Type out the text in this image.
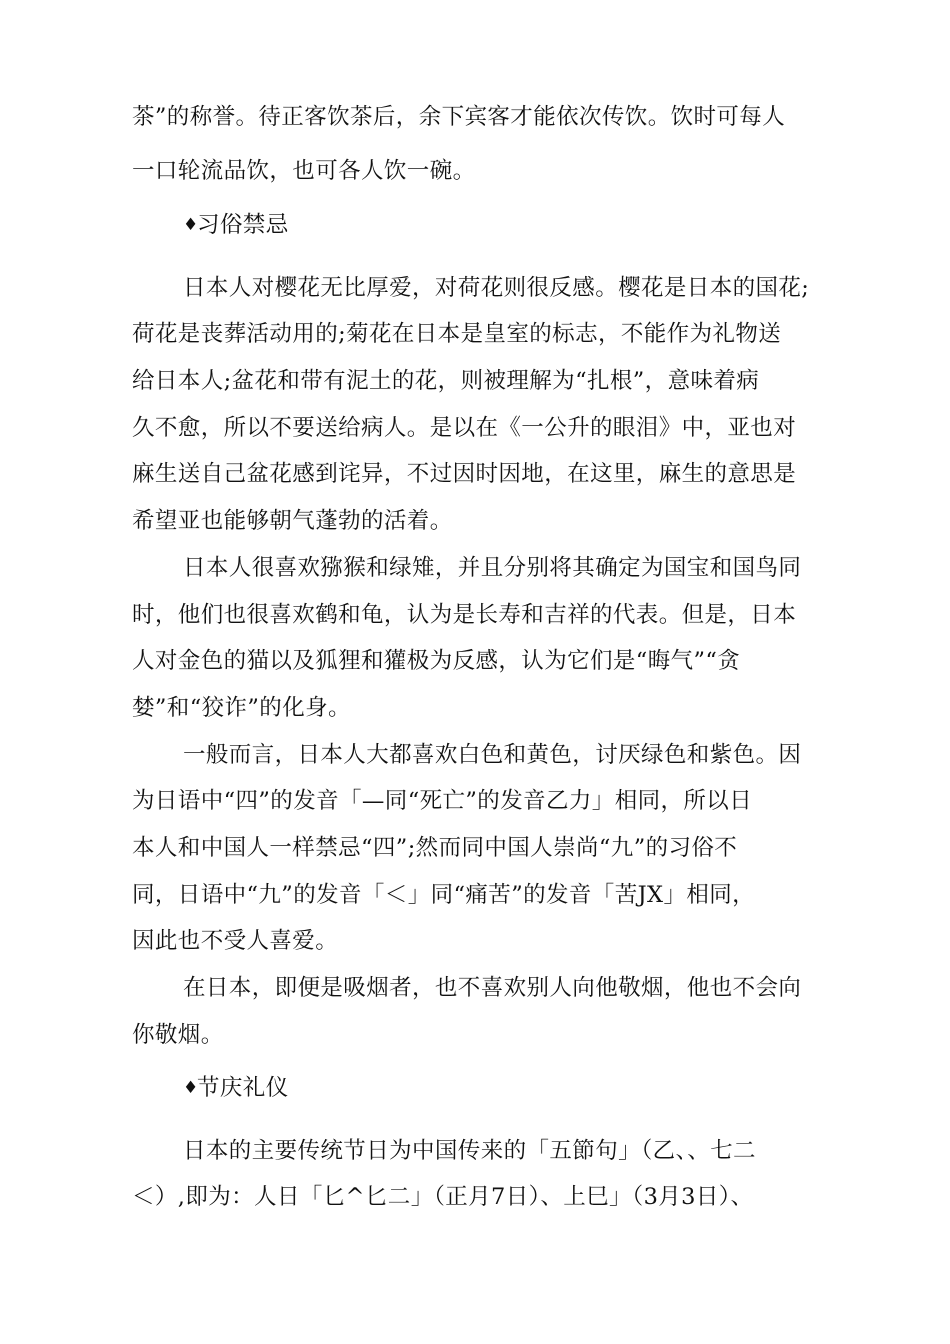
茶”的称誉。待正客饮茶后，余下宾客才能依次传饮。饮时可每人
一口轮流品饮，也可各人饮一碗。
♦习俗禁忌
日本人对樱花无比厚爱，对荷花则很反感。樱花是日本的国花;
荷花是丧葬活动用的;菊花在日本是皇室的标志，不能作为礼物送
给日本人;盆花和带有泥土的花，则被理解为“扎根”，意味着病
久不愈，所以不要送给病人。是以在《一公升的眼泪》中，亚也对
麻生送自己盆花感到诧异，不过因时因地，在这里，麻生的意思是
希望亚也能够朝气蓬勃的活着。
日本人很喜欢猕猴和绿雉，并且分别将其确定为国宝和国鸟同
时，他们也很喜欢鹤和龟，认为是长寿和吉祥的代表。但是，日本
人对金色的猫以及狐狸和獾极为反感，认为它们是“晦气”“贪
婪”和“狡诈”的化身。
一般而言，日本人大都喜欢白色和黄色，讨厌绿色和紫色。因
为日语中“四”的发音「—同“死亡”的发音乙力」相同，所以日
本人和中国人一样禁忌“四”;然而同中国人崇尚“九”的习俗不
同，日语中“九”的发音「＜」同“痛苦”的发音「苦JX」相同，
因此也不受人喜爱。
在日本，即便是吸烟者，也不喜欢别人向他敬烟，他也不会向
你敬烟。
♦节庆礼仪
日本的主要传统节日为中国传来的「五節句」（乙、、七二
＜）,即为：人日「匕^匕二」（正月7日）、上巳」（3月3日）、
